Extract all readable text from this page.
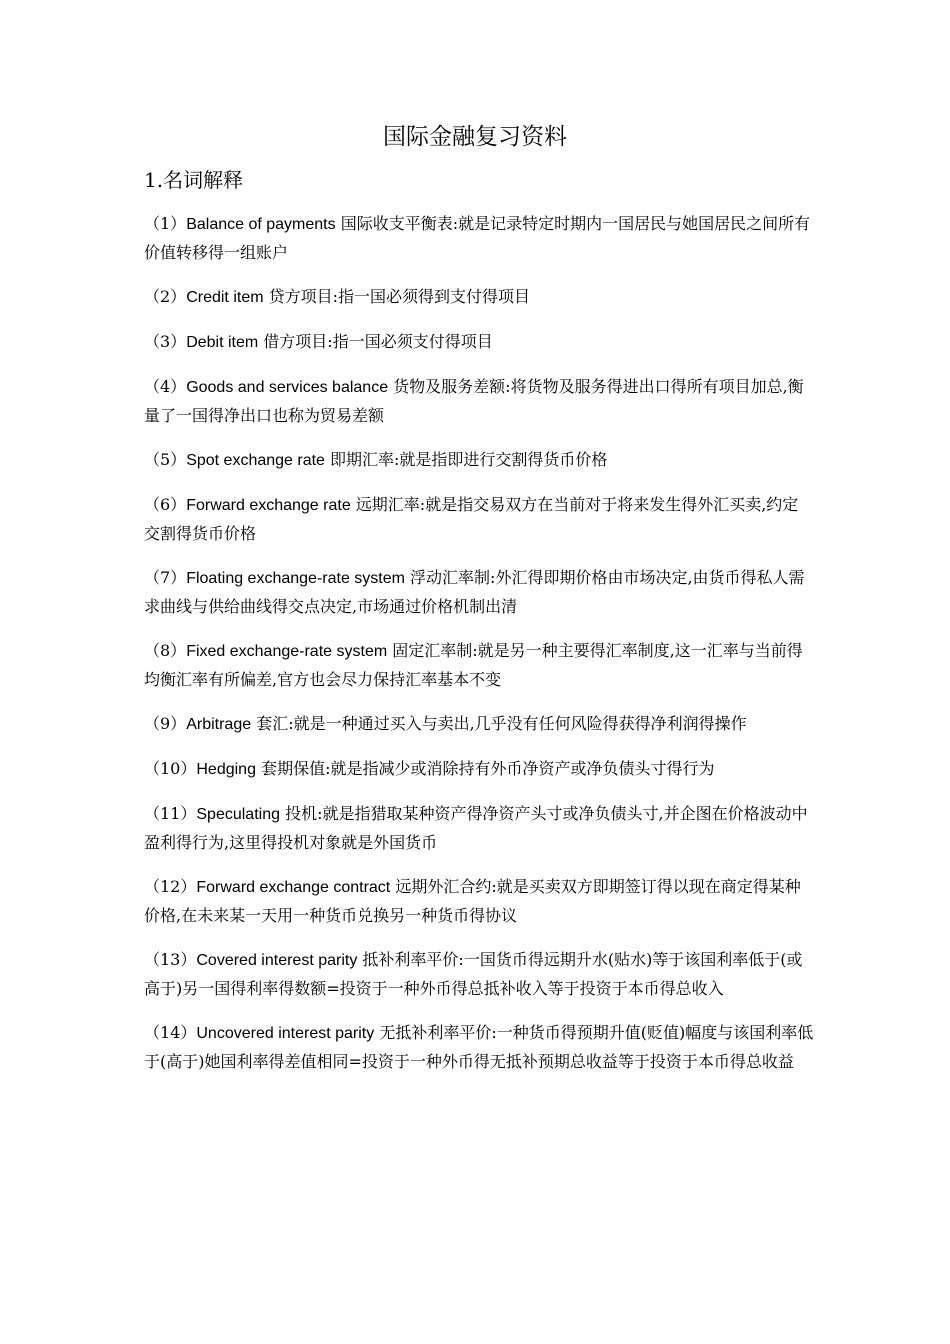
国际金融复习资料
1.名词解释
（1）Balance of payments 国际收支平衡表:就是记录特定时期内一国居民与她国居民之间所有价值转移得一组账户
（2）Credit item 贷方项目:指一国必须得到支付得项目
（3）Debit item 借方项目:指一国必须支付得项目
（4）Goods and services balance 货物及服务差额:将货物及服务得进出口得所有项目加总,衡量了一国得净出口也称为贸易差额
（5）Spot exchange rate 即期汇率:就是指即进行交割得货币价格
（6）Forward exchange rate 远期汇率:就是指交易双方在当前对于将来发生得外汇买卖,约定交割得货币价格
（7）Floating exchange-rate system 浮动汇率制:外汇得即期价格由市场决定,由货币得私人需求曲线与供给曲线得交点决定,市场通过价格机制出清
（8）Fixed exchange-rate system 固定汇率制:就是另一种主要得汇率制度,这一汇率与当前得均衡汇率有所偏差,官方也会尽力保持汇率基本不变
（9）Arbitrage 套汇:就是一种通过买入与卖出,几乎没有任何风险得获得净利润得操作
（10）Hedging 套期保值:就是指减少或消除持有外币净资产或净负债头寸得行为
（11）Speculating 投机:就是指猎取某种资产得净资产头寸或净负债头寸,并企图在价格波动中盈利得行为,这里得投机对象就是外国货币
（12）Forward exchange contract 远期外汇合约:就是买卖双方即期签订得以现在商定得某种价格,在未来某一天用一种货币兑换另一种货币得协议
（13）Covered interest parity 抵补利率平价:一国货币得远期升水(贴水)等于该国利率低于(或高于)另一国得利率得数额=投资于一种外币得总抵补收入等于投资于本币得总收入
（14）Uncovered interest parity 无抵补利率平价:一种货币得预期升值(贬值)幅度与该国利率低于(高于)她国利率得差值相同=投资于一种外币得无抵补预期总收益等于投资于本币得总收益
